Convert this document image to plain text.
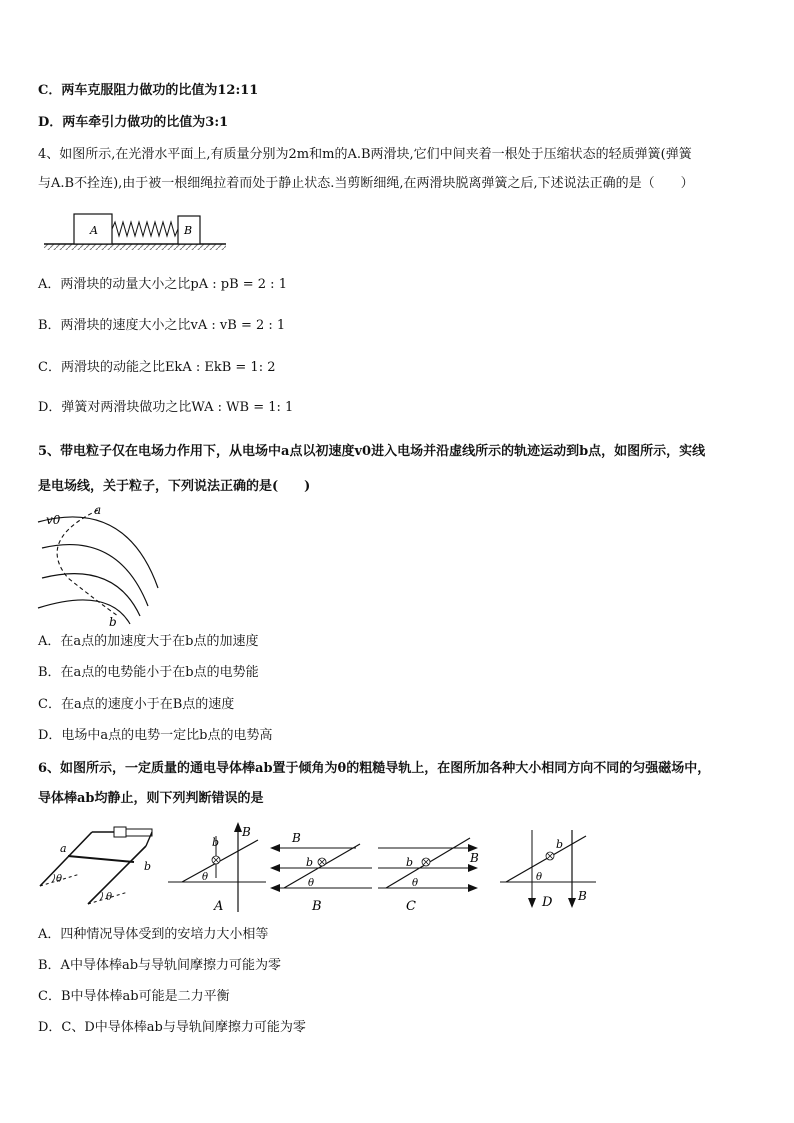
C．两车克服阻力做功的比值为12:11
D．两车牵引力做功的比值为3:1
4、如图所示,在光滑水平面上,有质量分别为2m和m的A.B两滑块,它们中间夹着一根处于压缩状态的轻质弹簧(弹簧
与A.B不拴连),由于被一根细绳拉着而处于静止状态.当剪断细绳,在两滑块脱离弹簧之后,下述说法正确的是（　　）
A	B
A．两滑块的动量大小之比pA : pB = 2 : 1
B．两滑块的速度大小之比vA : vB = 2 : 1
C．两滑块的动能之比EkA : EkB = 1: 2
D．弹簧对两滑块做功之比WA : WB = 1: 1
5、带电粒子仅在电场力作用下，从电场中a点以初速度v0进入电场并沿虚线所示的轨迹运动到b点，如图所示，实线
是电场线，关于粒子，下列说法正确的是(　　)
v0
a
b
A．在a点的加速度大于在b点的加速度
B．在a点的电势能小于在b点的电势能
C．在a点的速度小于在B点的速度
D．电场中a点的电势一定比b点的电势高
6、如图所示，一定质量的通电导体棒ab置于倾角为θ的粗糙导轨上，在图所加各种大小相同方向不同的匀强磁场中，
导体棒ab均静止，则下列判断错误的是
a
b
θ
θ
b
B
θ
A
b
B
θ
B
b	B
θ
C
b
B
θ
D
A．四种情况导体受到的安培力大小相等
B．A中导体棒ab与导轨间摩擦力可能为零
C．B中导体棒ab可能是二力平衡
D．C、D中导体棒ab与导轨间摩擦力可能为零
